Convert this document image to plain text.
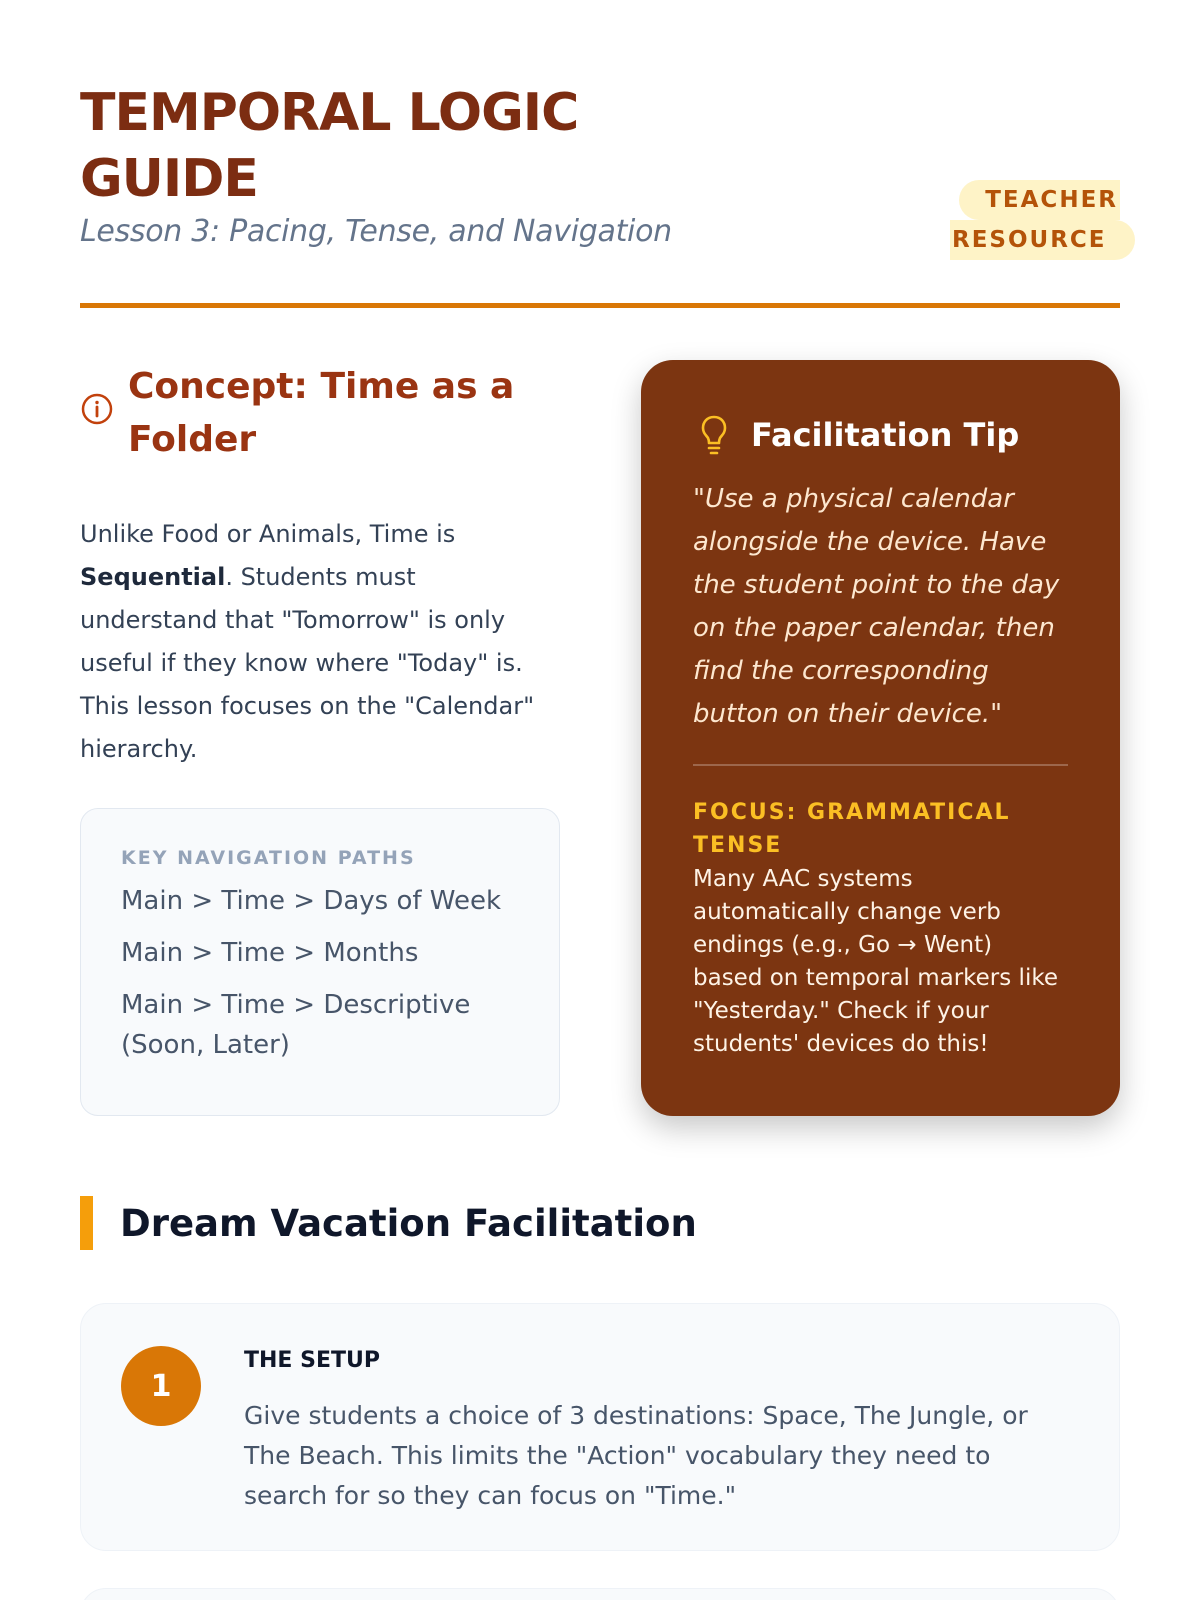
TEMPORAL LOGIC GUIDE
Lesson 3: Pacing, Tense, and Navigation
TEACHER
RESOURCE
Concept: Time as a Folder

Unlike Food or Animals, Time is Sequential. Students must understand that "Tomorrow" is only useful if they know where "Today" is. This lesson focuses on the "Calendar" hierarchy.

KEY NAVIGATION PATHS
Main > Time > Days of Week
Main > Time > Months
Main > Time > Descriptive (Soon, Later)
Facilitation Tip

"Use a physical calendar alongside the device. Have the student point to the day on the paper calendar, then find the corresponding button on their device."

FOCUS: GRAMMATICAL TENSE

Many AAC systems automatically change verb endings (e.g., Go → Went) based on temporal markers like "Yesterday." Check if your students' devices do this!

Dream Vacation Facilitation
1
THE SETUP

Give students a choice of 3 destinations: Space, The Jungle, or The Beach. This limits the "Action" vocabulary they need to search for so they can focus on "Time."
